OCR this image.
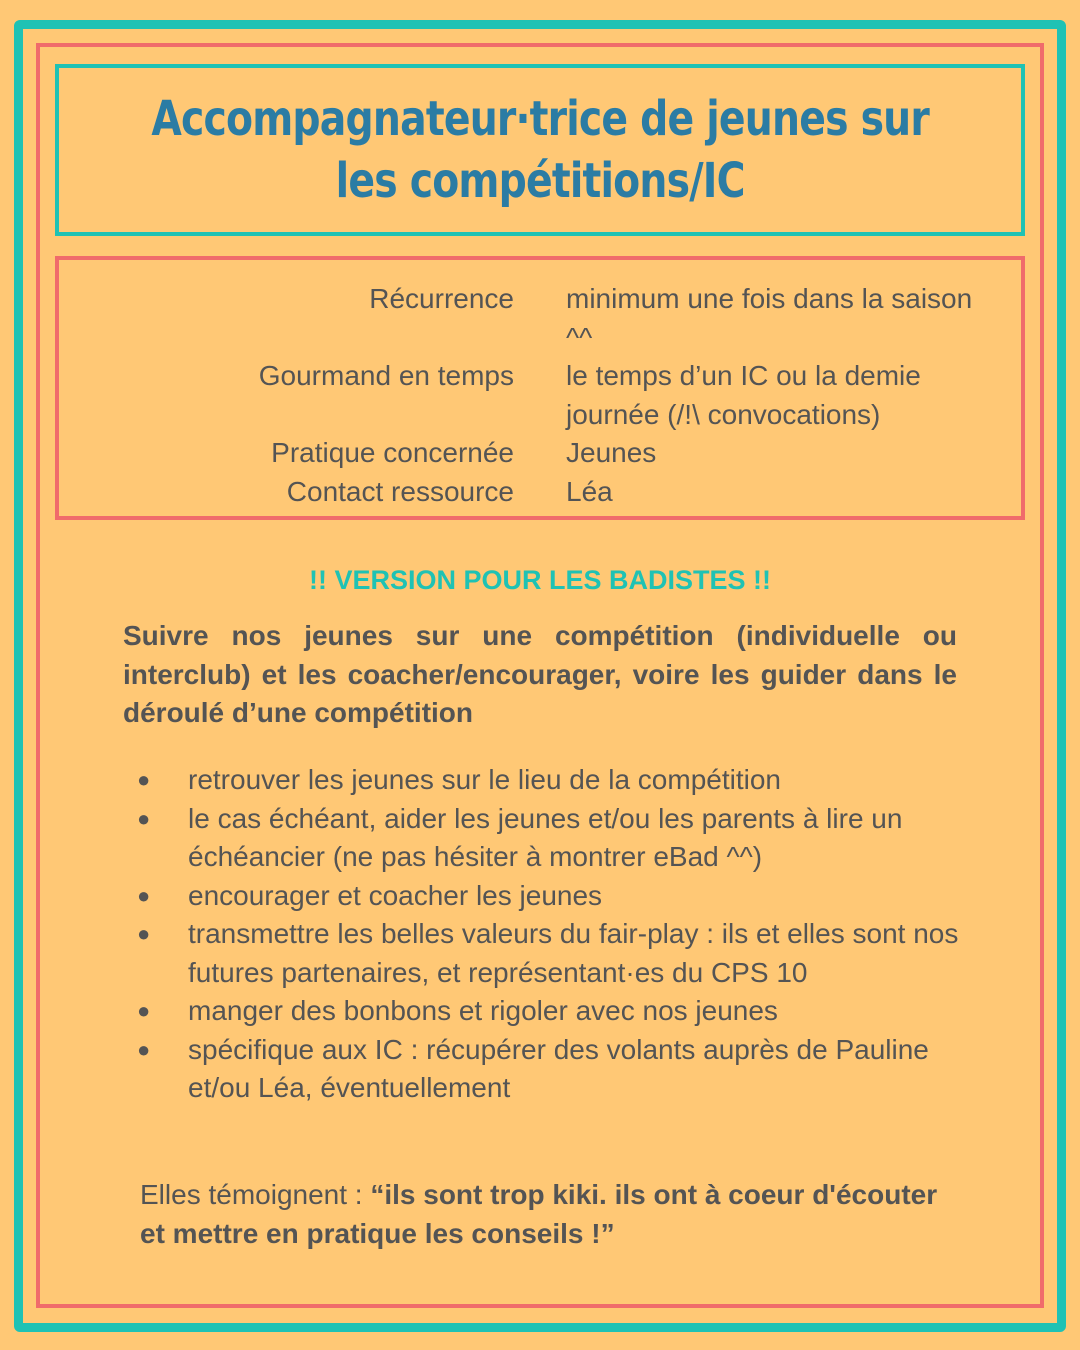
Accompagnateur·trice de jeunes sur
les compétitions/IC
Récurrence	minimum une fois dans la saison ^^
Gourmand en temps	le temps d’un IC ou la demie journée (/!\ convocations)
Pratique concernée	Jeunes
Contact ressource	Léa
!! VERSION POUR LES BADISTES !!

Suivre nos jeunes sur une compétition (individuelle ou interclub) et les coacher/encourager, voire les guider dans le déroulé d’une compétition

● retrouver les jeunes sur le lieu de la compétition
● le cas échéant, aider les jeunes et/ou les parents à lire un échéancier (ne pas hésiter à montrer eBad ^^)
● encourager et coacher les jeunes
● transmettre les belles valeurs du fair-play : ils et elles sont nos futures partenaires, et représentant·es du CPS 10
● manger des bonbons et rigoler avec nos jeunes
● spécifique aux IC : récupérer des volants auprès de Pauline et/ou Léa, éventuellement

Elles témoignent : “ils sont trop kiki. ils ont à coeur d'écouter et mettre en pratique les conseils !”
